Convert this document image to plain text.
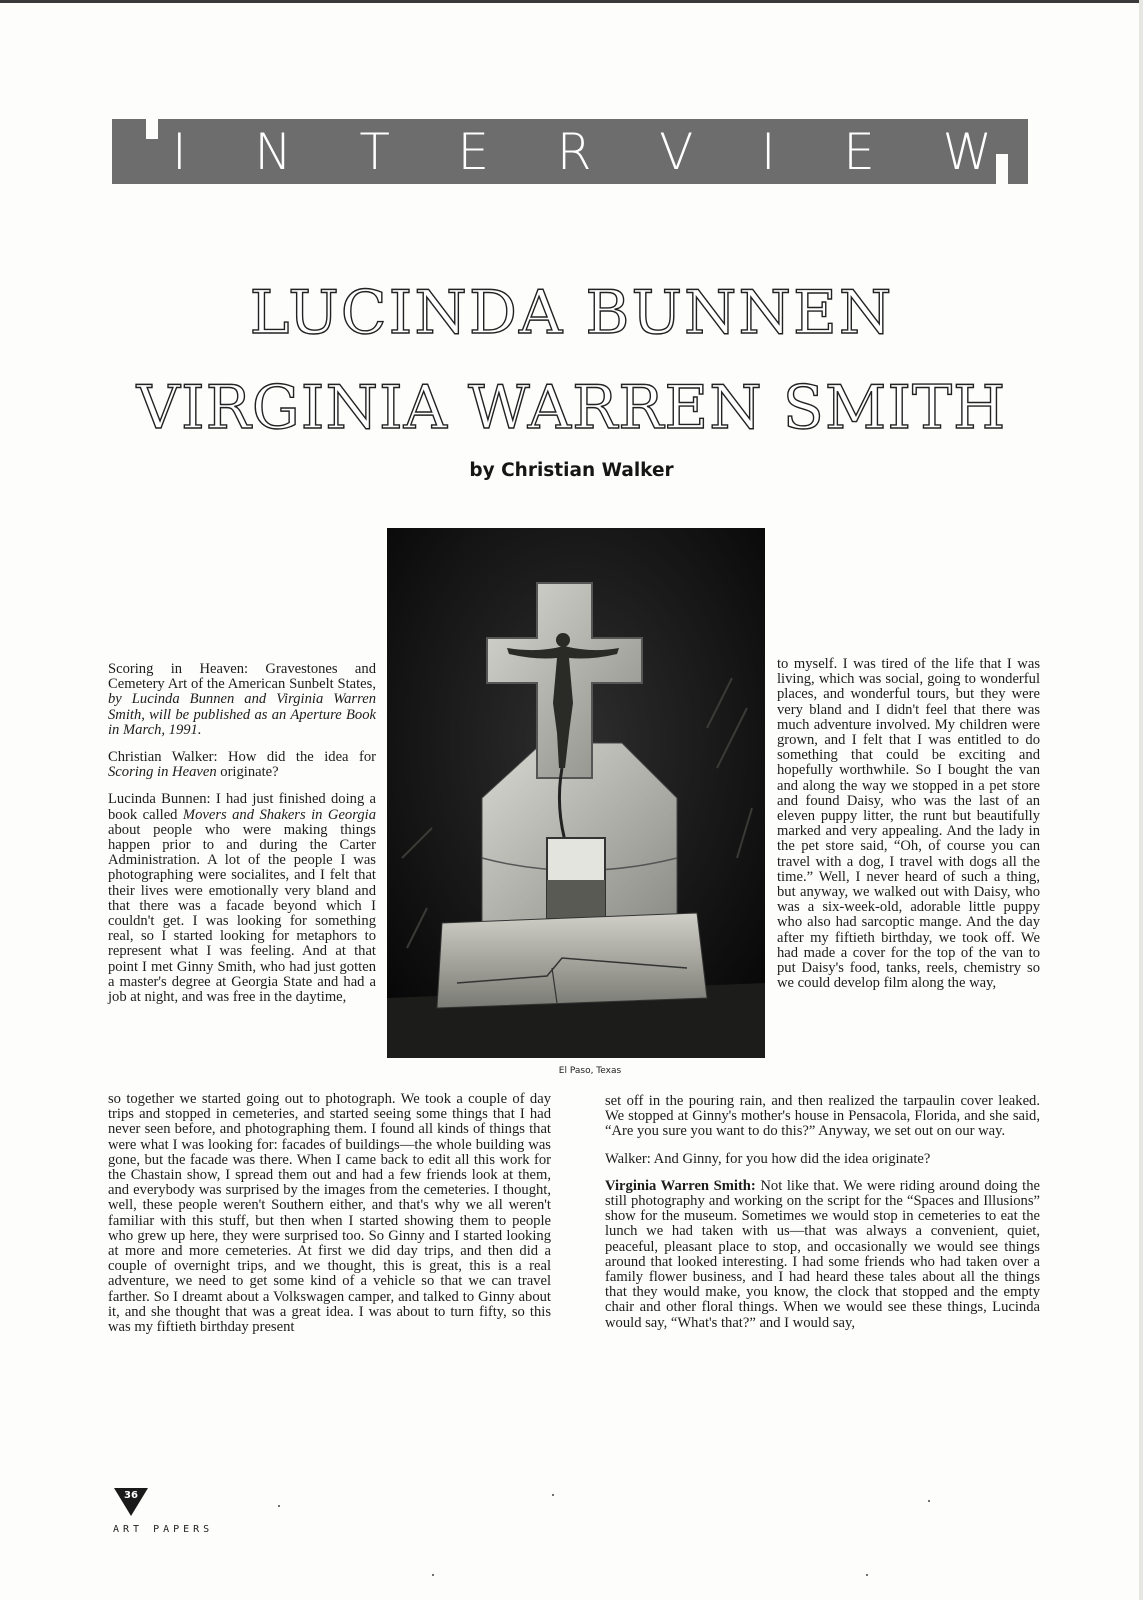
I N T E R V I E W
LUCINDA BUNNEN
VIRGINIA WARREN SMITH
by Christian Walker
El Paso, Texas

Scoring in Heaven: Gravestones and Cemetery Art of the American Sunbelt States, by Lucinda Bunnen and Virginia Warren Smith, will be published as an Aperture Book in March, 1991.

Christian Walker: How did the idea for Scoring in Heaven originate?

Lucinda Bunnen: I had just finished doing a book called Movers and Shakers in Georgia about people who were making things happen prior to and during the Carter Administration. A lot of the people I was photographing were socialites, and I felt that their lives were emotionally very bland and that there was a facade beyond which I couldn't get. I was looking for something real, so I started looking for metaphors to represent what I was feeling. And at that point I met Ginny Smith, who had just gotten a master's degree at Georgia State and had a job at night, and was free in the daytime,

to myself. I was tired of the life that I was living, which was social, going to wonderful places, and wonderful tours, but they were very bland and I didn't feel that there was much adventure involved. My children were grown, and I felt that I was entitled to do something that could be exciting and hopefully worthwhile. So I bought the van and along the way we stopped in a pet store and found Daisy, who was the last of an eleven puppy litter, the runt but beautifully marked and very appealing. And the lady in the pet store said, “Oh, of course you can travel with a dog, I travel with dogs all the time.” Well, I never heard of such a thing, but anyway, we walked out with Daisy, who was a six-week-old, adorable little puppy who also had sarcoptic mange. And the day after my fiftieth birthday, we took off. We had made a cover for the top of the van to put Daisy's food, tanks, reels, chemistry so we could develop film along the way,

so together we started going out to photograph. We took a couple of day trips and stopped in cemeteries, and started seeing some things that I had never seen before, and photographing them. I found all kinds of things that were what I was looking for: facades of buildings—the whole building was gone, but the facade was there. When I came back to edit all this work for the Chastain show, I spread them out and had a few friends look at them, and everybody was surprised by the images from the cemeteries. I thought, well, these people weren't Southern either, and that's why we all weren't familiar with this stuff, but then when I started showing them to people who grew up here, they were surprised too. So Ginny and I started looking at more and more cemeteries. At first we did day trips, and then did a couple of overnight trips, and we thought, this is great, this is a real adventure, we need to get some kind of a vehicle so that we can travel farther. So I dreamt about a Volkswagen camper, and talked to Ginny about it, and she thought that was a great idea. I was about to turn fifty, so this was my fiftieth birthday present

set off in the pouring rain, and then realized the tarpaulin cover leaked. We stopped at Ginny's mother's house in Pensacola, Florida, and she said, “Are you sure you want to do this?” Anyway, we set out on our way.

Walker: And Ginny, for you how did the idea originate?

Virginia Warren Smith: Not like that. We were riding around doing the still photography and working on the script for the “Spaces and Illusions” show for the museum. Sometimes we would stop in cemeteries to eat the lunch we had taken with us—that was always a convenient, quiet, peaceful, pleasant place to stop, and occasionally we would see things around that looked interesting. I had some friends who had taken over a family flower business, and I had heard these tales about all the things that they would make, you know, the clock that stopped and the empty chair and other floral things. When we would see these things, Lucinda would say, “What's that?” and I would say,

36
ART PAPERS
